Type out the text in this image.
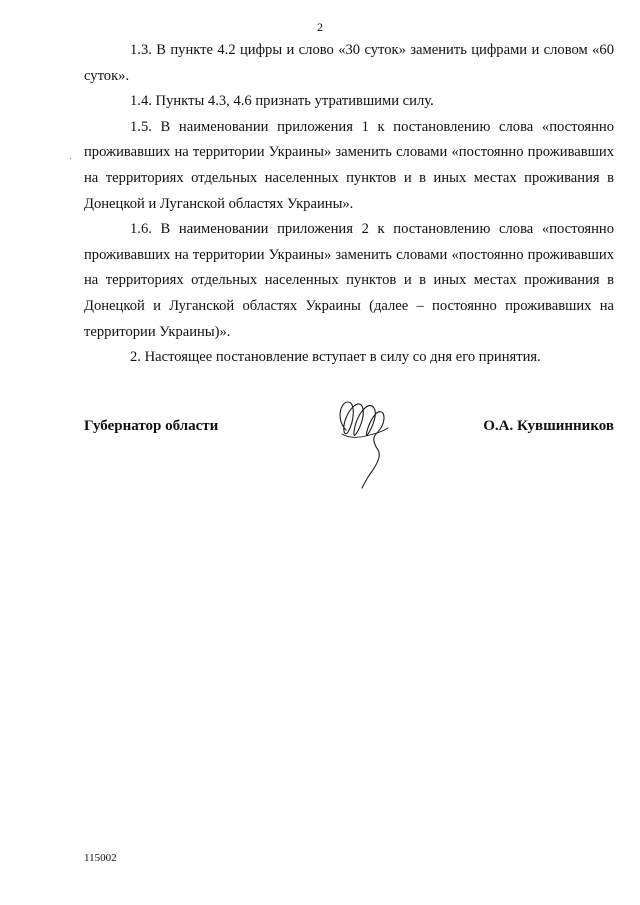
2

1.3. В пункте 4.2 цифры и слово «30 суток» заменить цифрами и словом «60 суток».

1.4. Пункты 4.3, 4.6 признать утратившими силу.

1.5. В наименовании приложения 1 к постановлению слова «постоянно проживавших на территории Украины» заменить словами «постоянно проживавших на территориях отдельных населенных пунктов и в иных местах проживания в Донецкой и Луганской областях Украины».

1.6. В наименовании приложения 2 к постановлению слова «постоянно проживавших на территории Украины» заменить словами «постоянно проживавших на территориях отдельных населенных пунктов и в иных местах проживания в Донецкой и Луганской областях Украины (далее – постоянно проживавших на территории Украины)».

2. Настоящее постановление вступает в силу со дня его принятия.

Губернатор области	О.А. Кувшинников
115002
